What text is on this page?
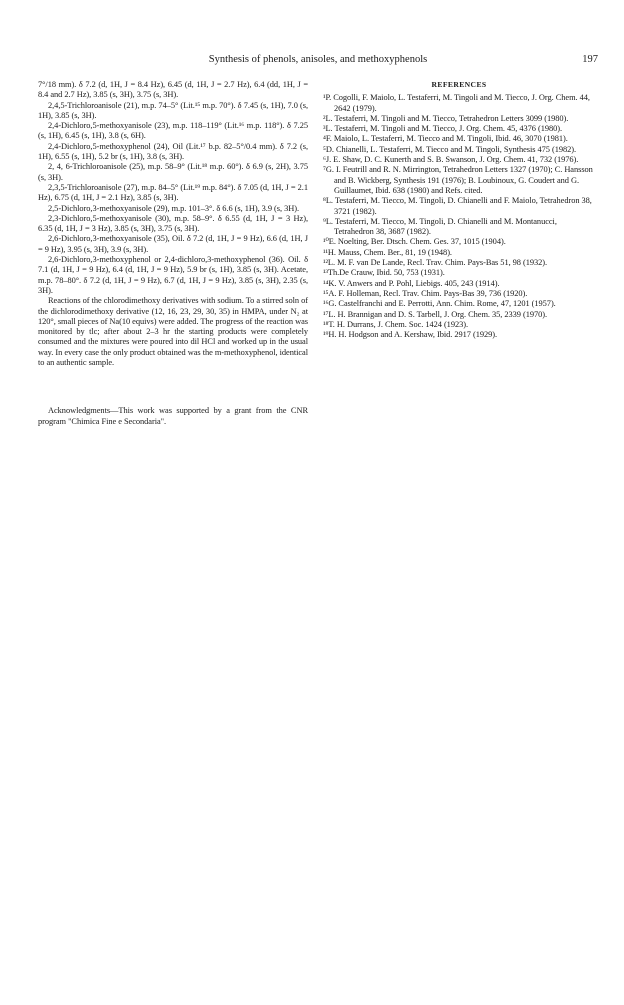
Synthesis of phenols, anisoles, and methoxyphenols	197

7°/18 mm). δ 7.2 (d, 1H, J = 8.4 Hz), 6.45 (d, 1H, J = 2.7 Hz), 6.4 (dd, 1H, J = 8.4 and 2.7 Hz), 3.85 (s, 3H), 3.75 (s, 3H).

2,4,5-Trichloroanisole (21), m.p. 74–5° (Lit.¹⁵ m.p. 70°). δ 7.45 (s, 1H), 7.0 (s, 1H), 3.85 (s, 3H).

2,4-Dichloro,5-methoxyanisole (23), m.p. 118–119° (Lit.¹⁶ m.p. 118°). δ 7.25 (s, 1H), 6.45 (s, 1H), 3.8 (s, 6H).

2,4-Dichloro,5-methoxyphenol (24), Oil (Lit.¹⁷ b.p. 82–5°/0.4 mm). δ 7.2 (s, 1H), 6.55 (s, 1H), 5.2 br (s, 1H), 3.8 (s, 3H).

2, 4, 6-Trichloroanisole (25), m.p. 58–9° (Lit.¹⁸ m.p. 60°). δ 6.9 (s, 2H), 3.75 (s, 3H).

2,3,5-Trichloroanisole (27), m.p. 84–5° (Lit.¹⁹ m.p. 84°). δ 7.05 (d, 1H, J = 2.1 Hz), 6.75 (d, 1H, J = 2.1 Hz), 3.85 (s, 3H).

2,5-Dichloro,3-methoxyanisole (29), m.p. 101–3°. δ 6.6 (s, 1H), 3.9 (s, 3H).

2,3-Dichloro,5-methoxyanisole (30), m.p. 58–9°. δ 6.55 (d, 1H, J = 3 Hz), 6.35 (d, 1H, J = 3 Hz), 3.85 (s, 3H), 3.75 (s, 3H).

2,6-Dichloro,3-methoxyanisole (35), Oil. δ 7.2 (d, 1H, J = 9 Hz), 6.6 (d, 1H, J = 9 Hz), 3.95 (s, 3H), 3.9 (s, 3H).

2,6-Dichloro,3-methoxyphenol or 2,4-dichloro,3-methoxyphenol (36). Oil. δ 7.1 (d, 1H, J = 9 Hz), 6.4 (d, 1H, J = 9 Hz), 5.9 br (s, 1H), 3.85 (s, 3H). Acetate, m.p. 78–80°. δ 7.2 (d, 1H, J = 9 Hz), 6.7 (d, 1H, J = 9 Hz), 3.85 (s, 3H), 2.35 (s, 3H).

Reactions of the chlorodimethoxy derivatives with sodium. To a stirred soln of the dichlorodimethoxy derivative (12, 16, 23, 29, 30, 35) in HMPA, under N₂ at 120°, small pieces of Na(10 equivs) were added. The progress of the reaction was monitored by tlc; after about 2–3 hr the starting products were completely consumed and the mixtures were poured into dil HCl and worked up in the usual way. In every case the only product obtained was the m-methoxyphenol, identical to an authentic sample.

Acknowledgments—This work was supported by a grant from the CNR program "Chimica Fine e Secondaria".

REFERENCES

¹P. Cogolli, F. Maiolo, L. Testaferri, M. Tingoli and M. Tiecco, J. Org. Chem. 44, 2642 (1979).

²L. Testaferri, M. Tingoli and M. Tiecco, Tetrahedron Letters 3099 (1980).

³L. Testaferri, M. Tingoli and M. Tiecco, J. Org. Chem. 45, 4376 (1980).

⁴F. Maiolo, L. Testaferri, M. Tiecco and M. Tingoli, Ibid. 46, 3070 (1981).

⁵D. Chianelli, L. Testaferri, M. Tiecco and M. Tingoli, Synthesis 475 (1982).

⁶J. E. Shaw, D. C. Kunerth and S. B. Swanson, J. Org. Chem. 41, 732 (1976).

⁷G. I. Feutrill and R. N. Mirrington, Tetrahedron Letters 1327 (1970); C. Hansson and B. Wickberg, Synthesis 191 (1976); B. Loubinoux, G. Coudert and G. Guillaumet, Ibid. 638 (1980) and Refs. cited.

⁸L. Testaferri, M. Tiecco, M. Tingoli, D. Chianelli and F. Maiolo, Tetrahedron 38, 3721 (1982).

⁹L. Testaferri, M. Tiecco, M. Tingoli, D. Chianelli and M. Montanucci, Tetrahedron 38, 3687 (1982).

¹⁰E. Noelting, Ber. Dtsch. Chem. Ges. 37, 1015 (1904).

¹¹H. Mauss, Chem. Ber., 81, 19 (1948).

¹²L. M. F. van De Lande, Recl. Trav. Chim. Pays-Bas 51, 98 (1932).

¹³Th.De Crauw, Ibid. 50, 753 (1931).

¹⁴K. V. Anwers and P. Pohl, Liebigs. 405, 243 (1914).

¹⁵A. F. Holleman, Recl. Trav. Chim. Pays-Bas 39, 736 (1920).

¹⁶G. Castelfranchi and E. Perrotti, Ann. Chim. Rome, 47, 1201 (1957).

¹⁷L. H. Brannigan and D. S. Tarbell, J. Org. Chem. 35, 2339 (1970).

¹⁸T. H. Durrans, J. Chem. Soc. 1424 (1923).

¹⁹H. H. Hodgson and A. Kershaw, Ibid. 2917 (1929).
